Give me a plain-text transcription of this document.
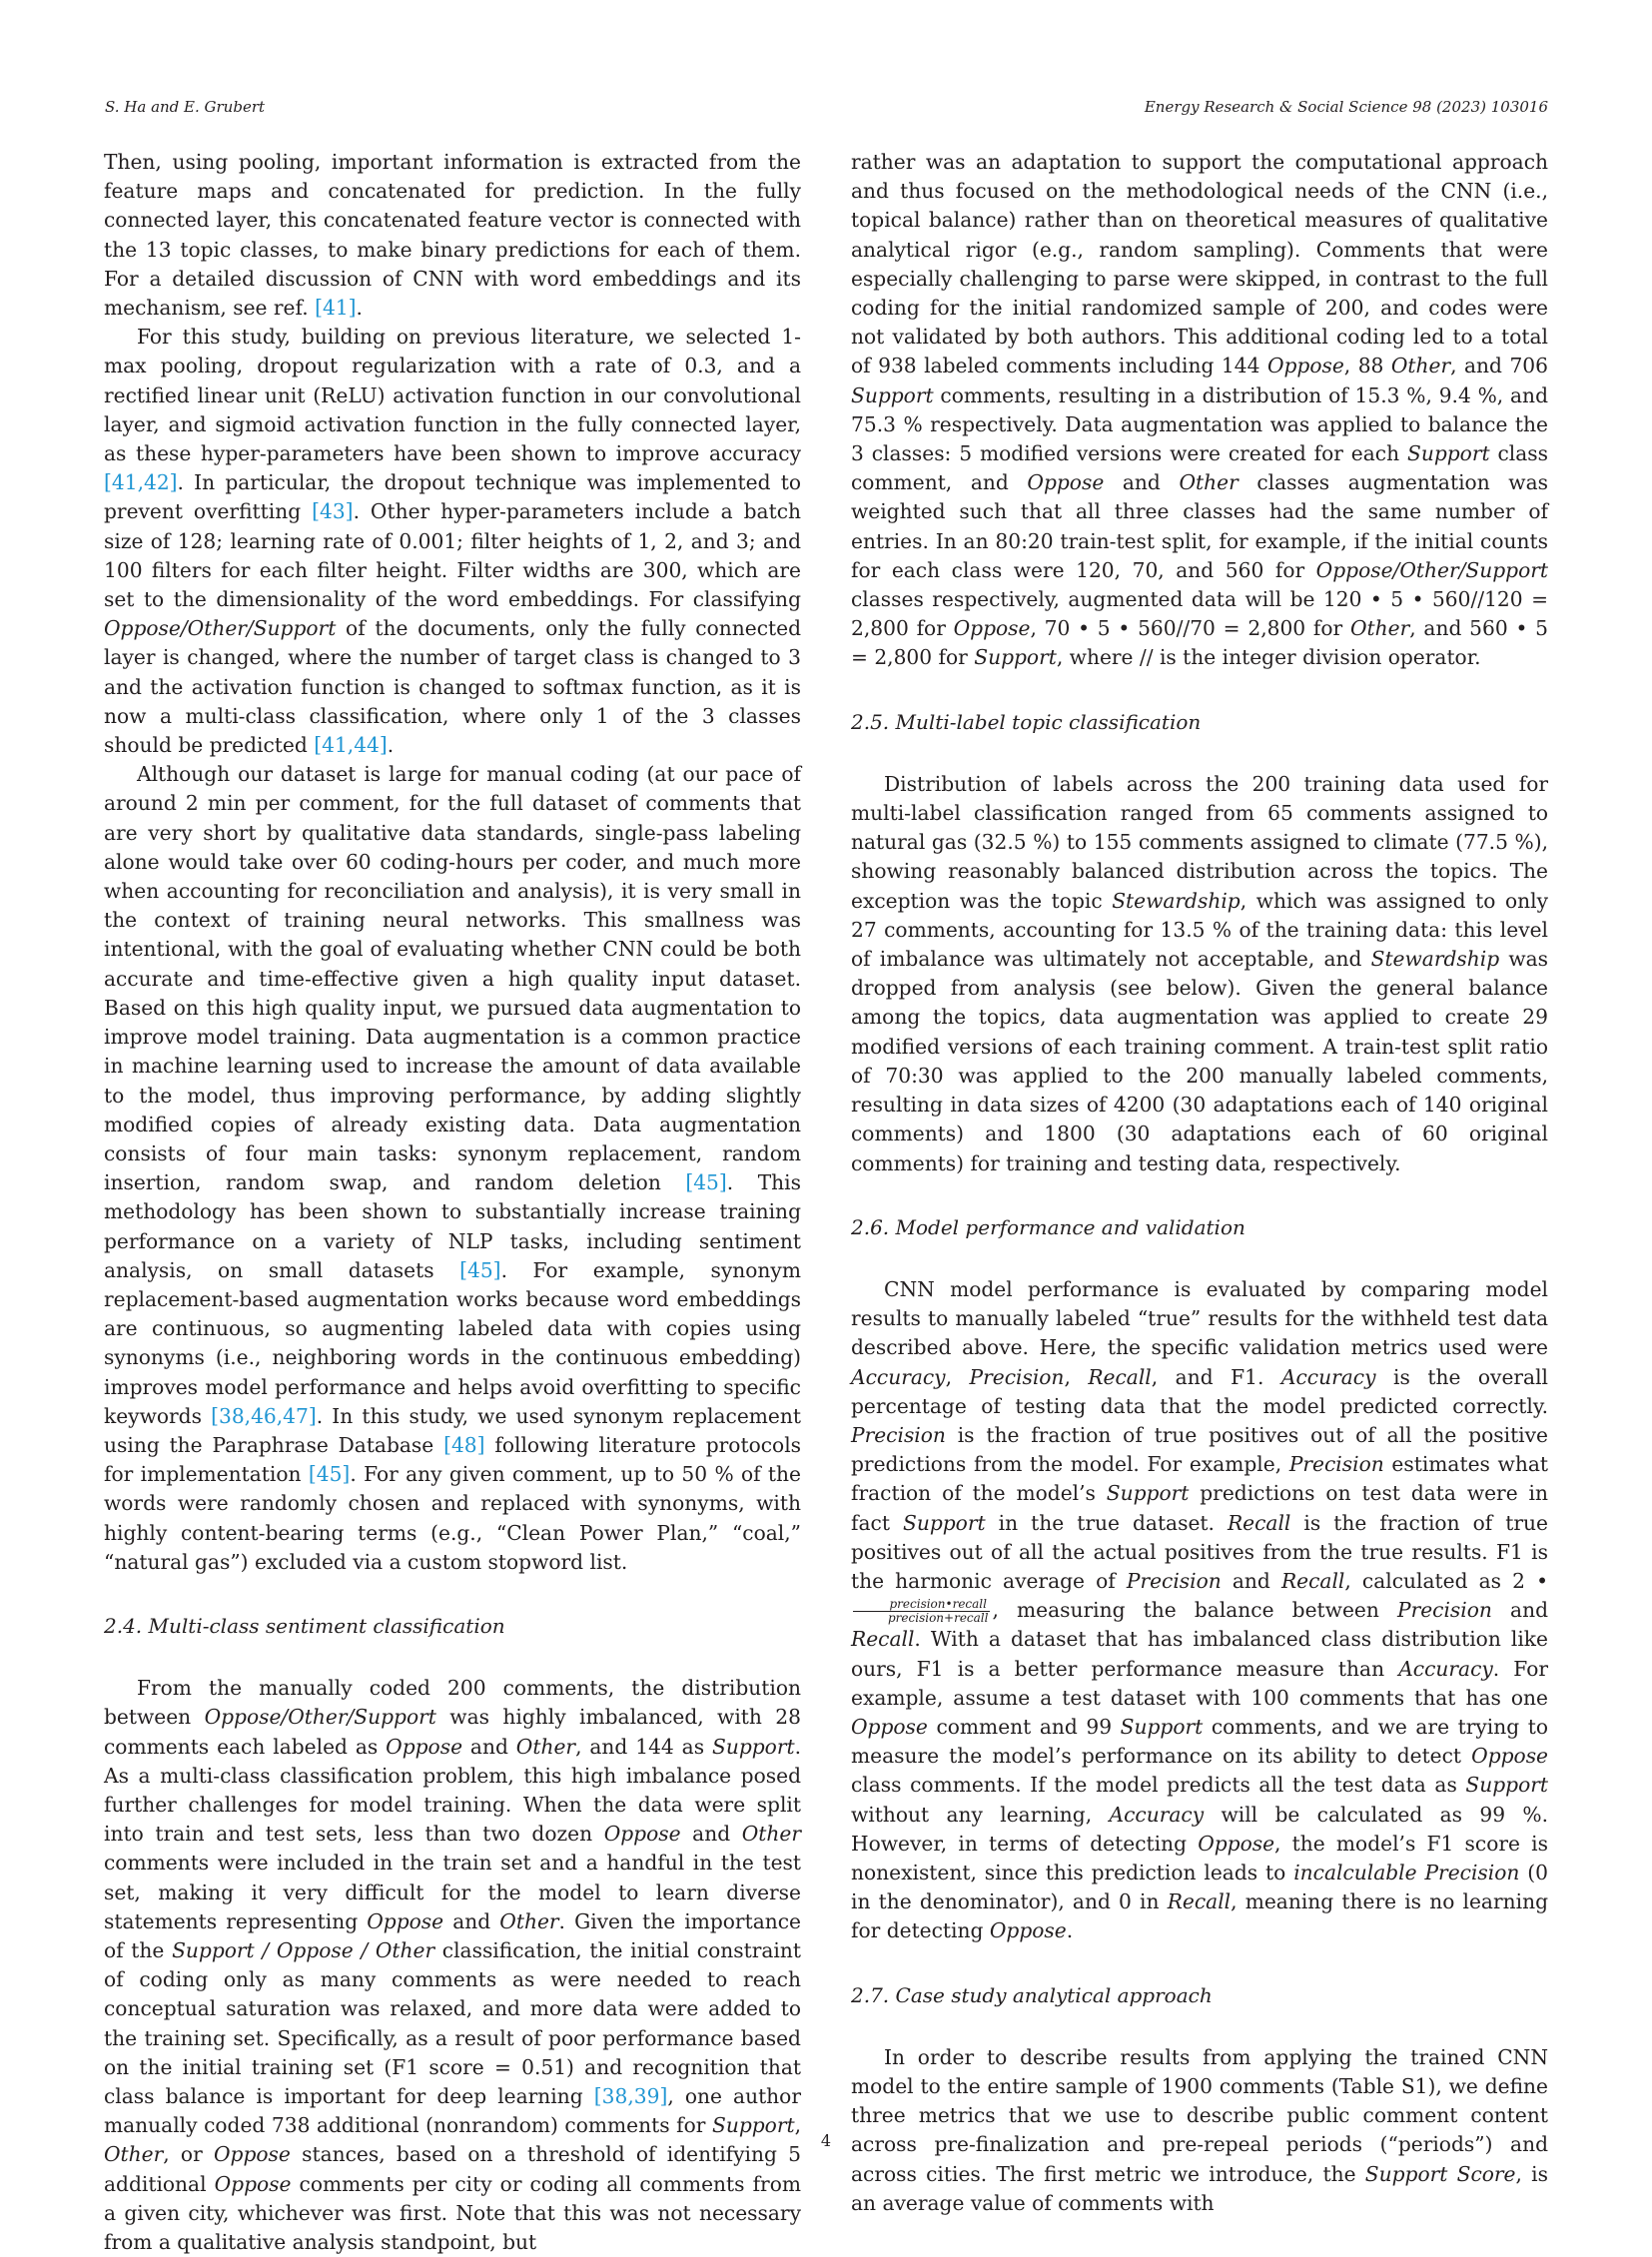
S. Ha and E. Grubert	Energy Research & Social Science 98 (2023) 103016

Then, using pooling, important information is extracted from the feature maps and concatenated for prediction. In the fully connected layer, this concatenated feature vector is connected with the 13 topic classes, to make binary predictions for each of them. For a detailed discussion of CNN with word embeddings and its mechanism, see ref. [41].

For this study, building on previous literature, we selected 1-max pooling, dropout regularization with a rate of 0.3, and a rectified linear unit (ReLU) activation function in our convolutional layer, and sigmoid activation function in the fully connected layer, as these hyper-parameters have been shown to improve accuracy [41,42]. In particular, the dropout technique was implemented to prevent overfitting [43]. Other hyper-parameters include a batch size of 128; learning rate of 0.001; filter heights of 1, 2, and 3; and 100 filters for each filter height. Filter widths are 300, which are set to the dimensionality of the word embeddings. For classifying Oppose/Other/Support of the documents, only the fully connected layer is changed, where the number of target class is changed to 3 and the activation function is changed to softmax function, as it is now a multi-class classification, where only 1 of the 3 classes should be predicted [41,44].

Although our dataset is large for manual coding (at our pace of around 2 min per comment, for the full dataset of comments that are very short by qualitative data standards, single-pass labeling alone would take over 60 coding-hours per coder, and much more when accounting for reconciliation and analysis), it is very small in the context of training neural networks. This smallness was intentional, with the goal of evaluating whether CNN could be both accurate and time-effective given a high quality input dataset. Based on this high quality input, we pursued data augmentation to improve model training. Data augmentation is a common practice in machine learning used to increase the amount of data available to the model, thus improving performance, by adding slightly modified copies of already existing data. Data augmentation consists of four main tasks: synonym replacement, random insertion, random swap, and random deletion [45]. This methodology has been shown to substantially increase training performance on a variety of NLP tasks, including sentiment analysis, on small datasets [45]. For example, synonym replacement-based augmentation works because word embeddings are continuous, so augmenting labeled data with copies using synonyms (i.e., neighboring words in the continuous embedding) improves model performance and helps avoid overfitting to specific keywords [38,46,47]. In this study, we used synonym replacement using the Paraphrase Database [48] following literature protocols for implementation [45]. For any given comment, up to 50 % of the words were randomly chosen and replaced with synonyms, with highly content-bearing terms (e.g., “Clean Power Plan,” “coal,” “natural gas”) excluded via a custom stopword list.

2.4. Multi-class sentiment classification

From the manually coded 200 comments, the distribution between Oppose/Other/Support was highly imbalanced, with 28 comments each labeled as Oppose and Other, and 144 as Support. As a multi-class classification problem, this high imbalance posed further challenges for model training. When the data were split into train and test sets, less than two dozen Oppose and Other comments were included in the train set and a handful in the test set, making it very difficult for the model to learn diverse statements representing Oppose and Other. Given the importance of the Support / Oppose / Other classification, the initial constraint of coding only as many comments as were needed to reach conceptual saturation was relaxed, and more data were added to the training set. Specifically, as a result of poor performance based on the initial training set (F1 score = 0.51) and recognition that class balance is important for deep learning [38,39], one author manually coded 738 additional (nonrandom) comments for Support, Other, or Oppose stances, based on a threshold of identifying 5 additional Oppose comments per city or coding all comments from a given city, whichever was first. Note that this was not necessary from a qualitative analysis standpoint, but

rather was an adaptation to support the computational approach and thus focused on the methodological needs of the CNN (i.e., topical balance) rather than on theoretical measures of qualitative analytical rigor (e.g., random sampling). Comments that were especially challenging to parse were skipped, in contrast to the full coding for the initial randomized sample of 200, and codes were not validated by both authors. This additional coding led to a total of 938 labeled comments including 144 Oppose, 88 Other, and 706 Support comments, resulting in a distribution of 15.3 %, 9.4 %, and 75.3 % respectively. Data augmentation was applied to balance the 3 classes: 5 modified versions were created for each Support class comment, and Oppose and Other classes augmentation was weighted such that all three classes had the same number of entries. In an 80:20 train-test split, for example, if the initial counts for each class were 120, 70, and 560 for Oppose/Other/Support classes respectively, augmented data will be 120 • 5 • 560//120 = 2,800 for Oppose, 70 • 5 • 560//70 = 2,800 for Other, and 560 • 5 = 2,800 for Support, where // is the integer division operator.

2.5. Multi-label topic classification

Distribution of labels across the 200 training data used for multi-label classification ranged from 65 comments assigned to natural gas (32.5 %) to 155 comments assigned to climate (77.5 %), showing reasonably balanced distribution across the topics. The exception was the topic Stewardship, which was assigned to only 27 comments, accounting for 13.5 % of the training data: this level of imbalance was ultimately not acceptable, and Stewardship was dropped from analysis (see below). Given the general balance among the topics, data augmentation was applied to create 29 modified versions of each training comment. A train-test split ratio of 70:30 was applied to the 200 manually labeled comments, resulting in data sizes of 4200 (30 adaptations each of 140 original comments) and 1800 (30 adaptations each of 60 original comments) for training and testing data, respectively.

2.6. Model performance and validation

CNN model performance is evaluated by comparing model results to manually labeled “true” results for the withheld test data described above. Here, the specific validation metrics used were Accuracy, Precision, Recall, and F1. Accuracy is the overall percentage of testing data that the model predicted correctly. Precision is the fraction of true positives out of all the positive predictions from the model. For example, Precision estimates what fraction of the model’s Support predictions on test data were in fact Support in the true dataset. Recall is the fraction of true positives out of all the actual positives from the true results. F1 is the harmonic average of Precision and Recall, calculated as 2 •
$\frac{\text{precision•recall}}{\text{precision+recall}}$ , measuring the balance between Precision and Recall. With a dataset that has imbalanced class distribution like ours, F1 is a better performance measure than Accuracy. For example, assume a test dataset with 100 comments that has one Oppose comment and 99 Support comments, and we are trying to measure the model’s performance on its ability to detect Oppose class comments. If the model predicts all the test data as Support without any learning, Accuracy will be calculated as 99 %. However, in terms of detecting Oppose, the model’s F1 score is nonexistent, since this prediction leads to incalculable Precision (0 in the denominator), and 0 in Recall, meaning there is no learning for detecting Oppose.

2.7. Case study analytical approach

In order to describe results from applying the trained CNN model to the entire sample of 1900 comments (Table S1), we define three metrics that we use to describe public comment content across pre-finalization and pre-repeal periods (“periods”) and across cities. The first metric we introduce, the Support Score, is an average value of comments with

4
